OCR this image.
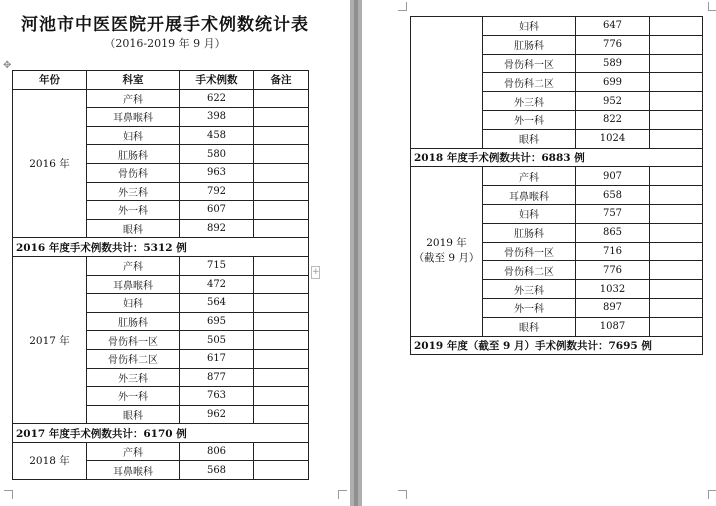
河池市中医医院开展手术例数统计表
（2016-2019 年 9 月）
✥
+
年份	科室	手术例数	备注
2016 年	产科	622	
	耳鼻喉科	398	
	妇科	458	
	肛肠科	580	
	骨伤科	963	
	外三科	792	
	外一科	607	
	眼科	892	
2016 年度手术例数共计：5312 例			
2017 年	产科	715	
	耳鼻喉科	472	
	妇科	564	
	肛肠科	695	
	骨伤科一区	505	
	骨伤科二区	617	
	外三科	877	
	外一科	763	
	眼科	962	
2017 年度手术例数共计：6170 例			
2018 年	产科	806	
	耳鼻喉科	568	
	妇科	647	
	肛肠科	776	
	骨伤科一区	589	
	骨伤科二区	699	
	外三科	952	
	外一科	822	
	眼科	1024	
2018 年度手术例数共计：6883 例			

2019 年
（截至 9 月）	产科	907	
	耳鼻喉科	658	
	妇科	757	
	肛肠科	865	
	骨伤科一区	716	
	骨伤科二区	776	
	外三科	1032	
	外一科	897	
	眼科	1087	
2019 年度（截至 9 月）手术例数共计：7695 例			
